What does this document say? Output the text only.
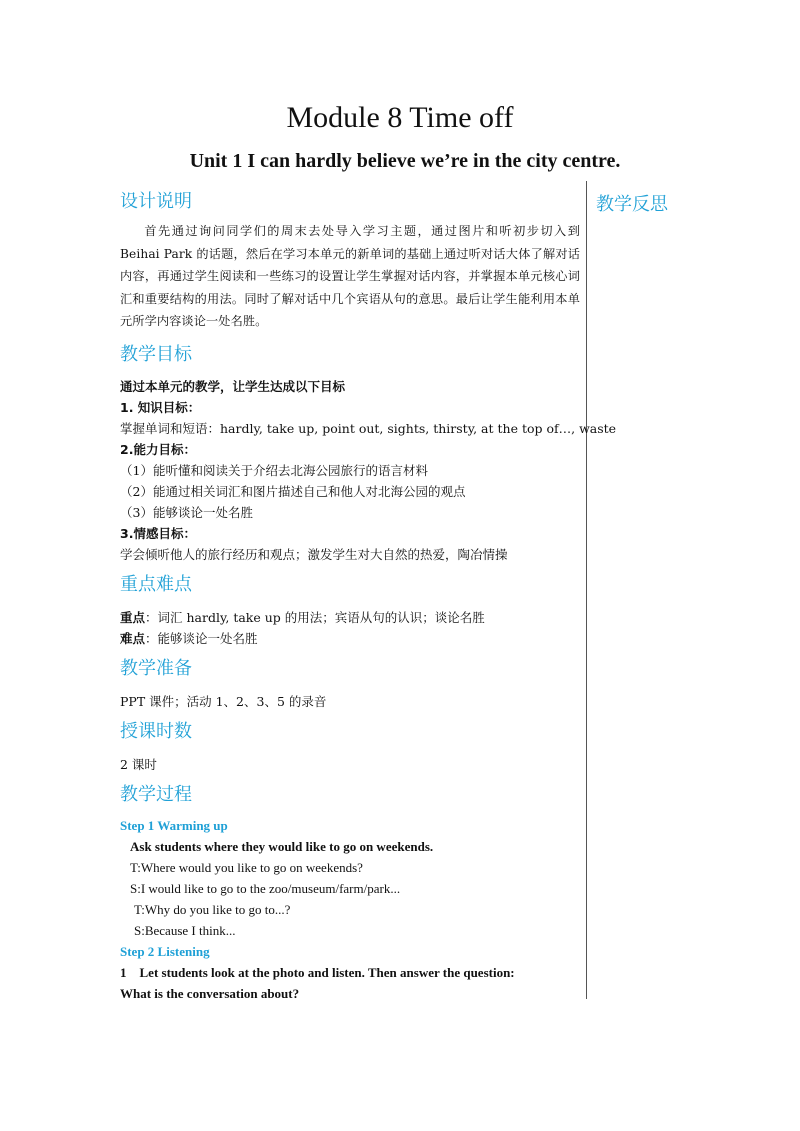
Module 8 Time off
Unit 1 I can hardly believe we’re in the city centre.
教学反思
设计说明

首先通过询问同学们的周末去处导入学习主题，通过图片和听初步切入到 Beihai Park 的话题，然后在学习本单元的新单词的基础上通过听对话大体了解对话内容，再通过学生阅读和一些练习的设置让学生掌握对话内容，并掌握本单元核心词汇和重要结构的用法。同时了解对话中几个宾语从句的意思。最后让学生能利用本单元所学内容谈论一处名胜。

教学目标

通过本单元的教学，让学生达成以下目标

1. 知识目标：

掌握单词和短语：hardly, take up, point out, sights, thirsty, at the top of…, waste

2.能力目标：

（1）能听懂和阅读关于介绍去北海公园旅行的语言材料

（2）能通过相关词汇和图片描述自己和他人对北海公园的观点

（3）能够谈论一处名胜

3.情感目标：

学会倾听他人的旅行经历和观点；激发学生对大自然的热爱，陶冶情操

重点难点

重点：词汇 hardly, take up 的用法；宾语从句的认识；谈论名胜

难点：能够谈论一处名胜

教学准备

PPT 课件；活动 1、2、3、5 的录音

授课时数

2 课时

教学过程

Step 1 Warming up

Ask students where they would like to go on weekends.

T:Where would you like to go on weekends?

S:I would like to go to the zoo/museum/farm/park...

T:Why do you like to go to...?

S:Because I think...

Step 2 Listening

1    Let students look at the photo and listen. Then answer the question:

What is the conversation about?
